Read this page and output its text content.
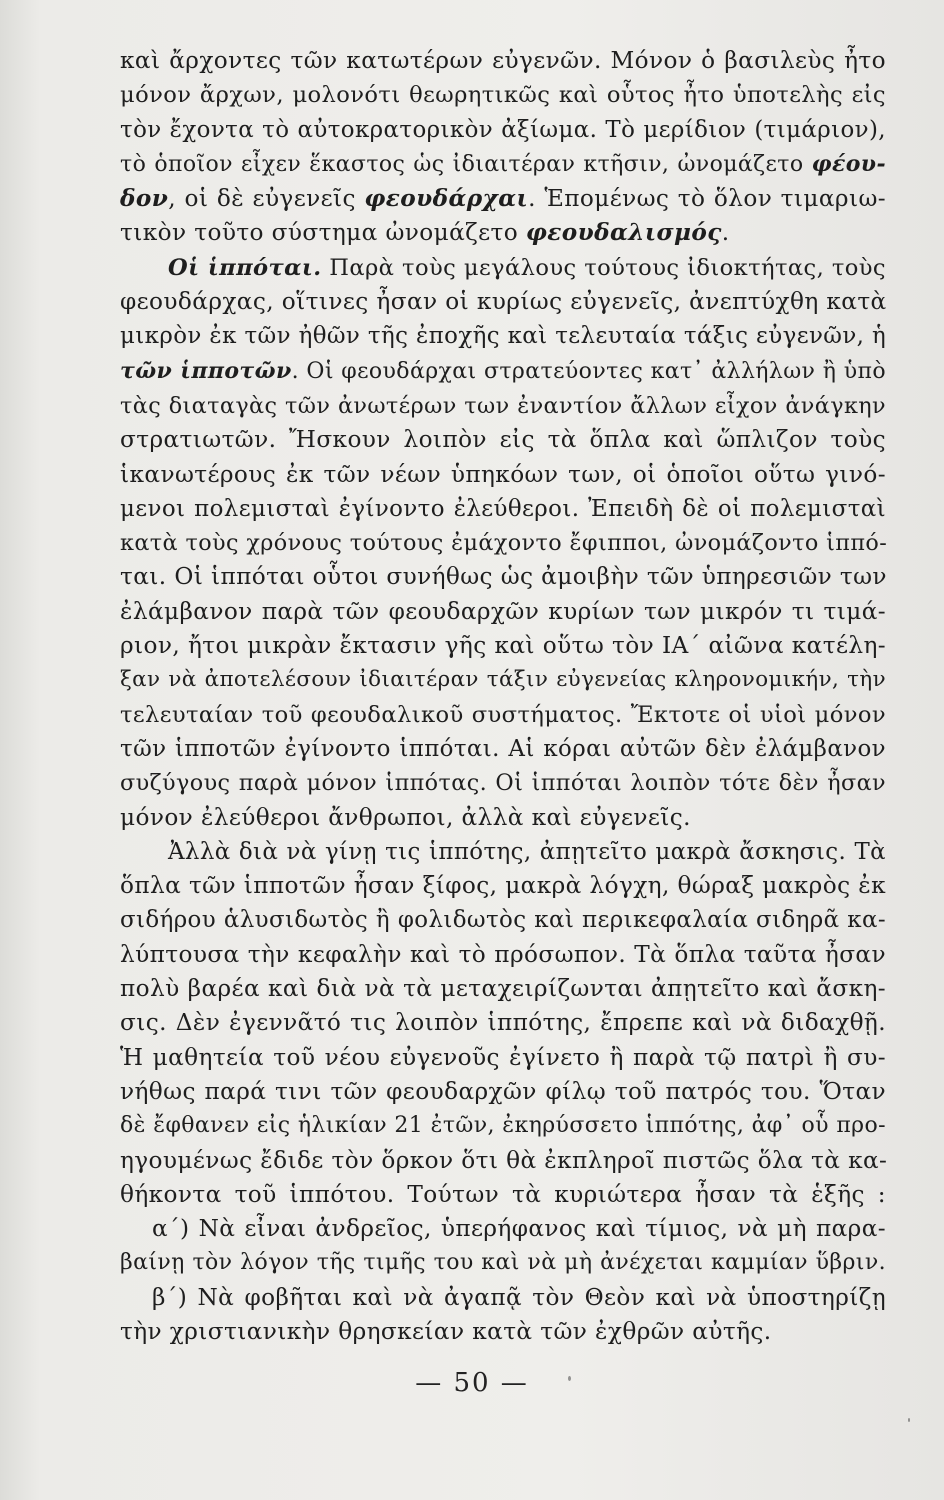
καὶ ἄρχοντες τῶν κατωτέρων εὐγενῶν. Μόνον ὁ βασιλεὺς ἦτο
μόνον ἄρχων, μολονότι θεωρητικῶς καὶ οὗτος ἦτο ὑποτελὴς εἰς
τὸν ἔχοντα τὸ αὐτοκρατορικὸν ἀξίωμα. Τὸ μερίδιον (τιμάριον),
τὸ ὁποῖον εἶχεν ἕκαστος ὡς ἰδιαιτέραν κτῆσιν, ὠνομάζετο φέου-
δον, οἱ δὲ εὐγενεῖς φεουδάρχαι. Ἑπομένως τὸ ὅλον τιμαριω-
τικὸν τοῦτο σύστημα ὠνομάζετο φεουδαλισμός.
Οἱ ἱππόται. Παρὰ τοὺς μεγάλους τούτους ἰδιοκτήτας, τοὺς
φεουδάρχας, οἵτινες ἦσαν οἱ κυρίως εὐγενεῖς, ἀνεπτύχθη κατὰ
μικρὸν ἐκ τῶν ἠθῶν τῆς ἐποχῆς καὶ τελευταία τάξις εὐγενῶν, ἡ
τῶν ἱπποτῶν. Οἱ φεουδάρχαι στρατεύοντες κατ᾽ ἀλλήλων ἢ ὑπὸ
τὰς διαταγὰς τῶν ἀνωτέρων των ἐναντίον ἄλλων εἶχον ἀνάγκην
στρατιωτῶν. Ἤσκουν λοιπὸν εἰς τὰ ὅπλα καὶ ὥπλιζον τοὺς
ἱκανωτέρους ἐκ τῶν νέων ὑπηκόων των, οἱ ὁποῖοι οὕτω γινό-
μενοι πολεμισταὶ ἐγίνοντο ἐλεύθεροι. Ἐπειδὴ δὲ οἱ πολεμισταὶ
κατὰ τοὺς χρόνους τούτους ἐμάχοντο ἔφιπποι, ὠνομάζοντο ἱππό-
ται. Οἱ ἱππόται οὗτοι συνήθως ὡς ἀμοιβὴν τῶν ὑπηρεσιῶν των
ἐλάμβανον παρὰ τῶν φεουδαρχῶν κυρίων των μικρόν τι τιμά-
ριον, ἤτοι μικρὰν ἔκτασιν γῆς καὶ οὕτω τὸν ΙΑ΄ αἰῶνα κατέλη-
ξαν νὰ ἀποτελέσουν ἰδιαιτέραν τάξιν εὐγενείας κληρονομικήν, τὴν
τελευταίαν τοῦ φεουδαλικοῦ συστήματος. Ἔκτοτε οἱ υἱοὶ μόνον
τῶν ἱπποτῶν ἐγίνοντο ἱππόται. Αἱ κόραι αὐτῶν δὲν ἐλάμβανον
συζύγους παρὰ μόνον ἱππότας. Οἱ ἱππόται λοιπὸν τότε δὲν ἦσαν
μόνον ἐλεύθεροι ἄνθρωποι, ἀλλὰ καὶ εὐγενεῖς.
Ἀλλὰ διὰ νὰ γίνῃ τις ἱππότης, ἀπῃτεῖτο μακρὰ ἄσκησις. Τὰ
ὅπλα τῶν ἱπποτῶν ἦσαν ξίφος, μακρὰ λόγχη, θώραξ μακρὸς ἐκ
σιδήρου ἁλυσιδωτὸς ἢ φολιδωτὸς καὶ περικεφαλαία σιδηρᾶ κα-
λύπτουσα τὴν κεφαλὴν καὶ τὸ πρόσωπον. Τὰ ὅπλα ταῦτα ἦσαν
πολὺ βαρέα καὶ διὰ νὰ τὰ μεταχειρίζωνται ἀπῃτεῖτο καὶ ἄσκη-
σις. Δὲν ἐγεννᾶτό τις λοιπὸν ἱππότης, ἔπρεπε καὶ νὰ διδαχθῇ.
Ἡ μαθητεία τοῦ νέου εὐγενοῦς ἐγίνετο ἢ παρὰ τῷ πατρὶ ἢ συ-
νήθως παρά τινι τῶν φεουδαρχῶν φίλῳ τοῦ πατρός του. Ὅταν
δὲ ἔφθανεν εἰς ἡλικίαν 21 ἐτῶν, ἐκηρύσσετο ἱππότης, ἀφ᾽ οὗ προ-
ηγουμένως ἔδιδε τὸν ὅρκον ὅτι θὰ ἐκπληροῖ πιστῶς ὅλα τὰ κα-
θήκοντα τοῦ ἱππότου. Τούτων τὰ κυριώτερα ἦσαν τὰ ἑξῆς :
α΄) Νὰ εἶναι ἀνδρεῖος, ὑπερήφανος καὶ τίμιος, νὰ μὴ παρα-
βαίνῃ τὸν λόγον τῆς τιμῆς του καὶ νὰ μὴ ἀνέχεται καμμίαν ὕβριν.
β΄) Νὰ φοβῆται καὶ νὰ ἀγαπᾷ τὸν Θεὸν καὶ νὰ ὑποστηρίζῃ
τὴν χριστιανικὴν θρησκείαν κατὰ τῶν ἐχθρῶν αὐτῆς.
— 50 —
